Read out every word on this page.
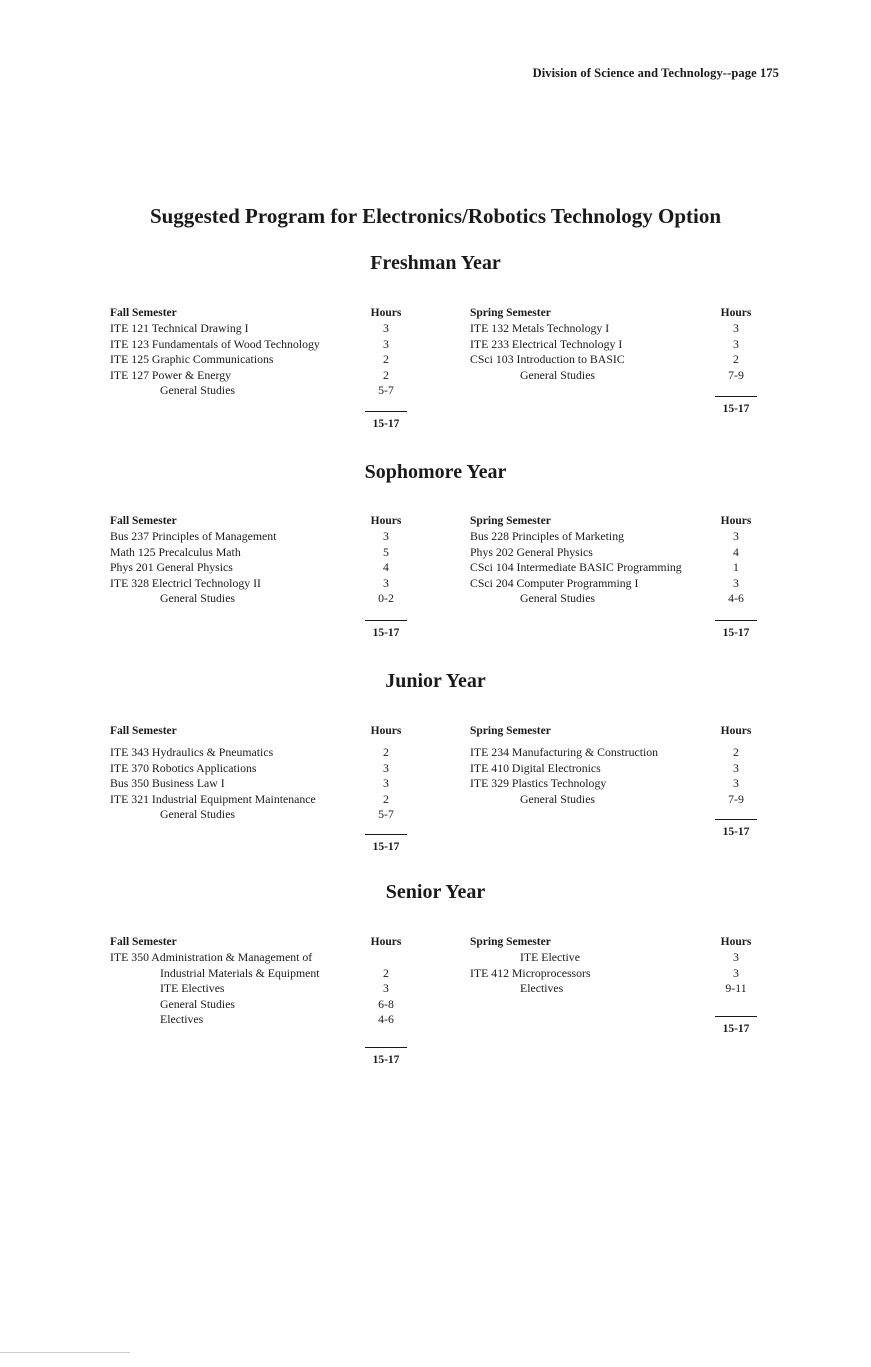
Division of Science and Technology--page 175
Suggested Program for Electronics/Robotics Technology Option
Freshman Year
Fall Semester	Hours
ITE 121 Technical Drawing I	3
ITE 123 Fundamentals of Wood Technology	3
ITE 125 Graphic Communications	2
ITE 127 Power & Energy	2
General Studies	5-7
15-17
Spring Semester	Hours
ITE 132 Metals Technology I	3
ITE 233 Electrical Technology I	3
CSci 103 Introduction to BASIC	2
General Studies	7-9
15-17
Sophomore Year
Fall Semester	Hours
Bus 237 Principles of Management	3
Math 125 Precalculus Math	5
Phys 201 General Physics	4
ITE 328 Electricl Technology II	3
General Studies	0-2
15-17
Spring Semester	Hours
Bus 228 Principles of Marketing	3
Phys 202 General Physics	4
CSci 104 Intermediate BASIC Programming	1
CSci 204 Computer Programming I	3
General Studies	4-6
15-17
Junior Year
Fall Semester	Hours
ITE 343 Hydraulics & Pneumatics	2
ITE 370 Robotics Applications	3
Bus 350 Business Law I	3
ITE 321 Industrial Equipment Maintenance	2
General Studies	5-7
15-17
Spring Semester	Hours
ITE 234 Manufacturing & Construction	2
ITE 410 Digital Electronics	3
ITE 329 Plastics Technology	3
General Studies	7-9
15-17
Senior Year
Fall Semester	Hours
ITE 350 Administration & Management of
Industrial Materials & Equipment	2
ITE Electives	3
General Studies	6-8
Electives	4-6
15-17
Spring Semester	Hours
ITE Elective	3
ITE 412 Microprocessors	3
Electives	9-11
15-17
